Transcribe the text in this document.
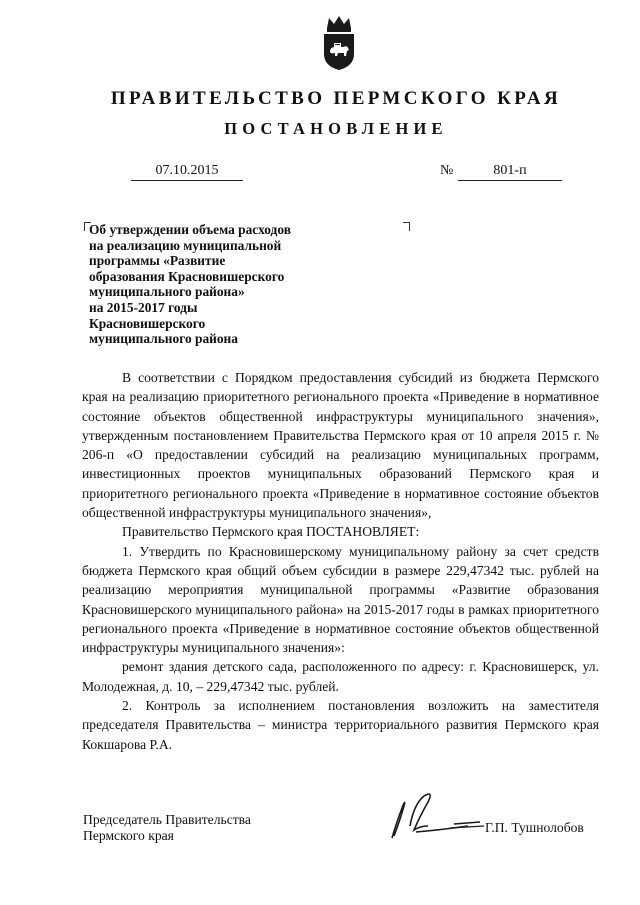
ПРАВИТЕЛЬСТВО ПЕРМСКОГО КРАЯ
ПОСТАНОВЛЕНИЕ
07.10.2015	№	801-п
Об утверждении объема расходов
на реализацию муниципальной
программы «Развитие
образования Красновишерского
муниципального района»
на 2015-2017 годы
Красновишерского
муниципального района

В соответствии с Порядком предоставления субсидий из бюджета Пермского края на реализацию приоритетного регионального проекта «Приведение в нормативное состояние объектов общественной инфраструктуры муниципального значения», утвержденным постановлением Правительства Пермского края от 10 апреля 2015 г. № 206-п «О предоставлении субсидий на реализацию муниципальных программ, инвестиционных проектов муниципальных образований Пермского края и приоритетного регионального проекта «Приведение в нормативное состояние объектов общественной инфраструктуры муниципального значения»,

Правительство Пермского края ПОСТАНОВЛЯЕТ:

1. Утвердить по Красновишерскому муниципальному району за счет средств бюджета Пермского края общий объем субсидии в размере 229,47342 тыс. рублей на реализацию мероприятия муниципальной программы «Развитие образования Красновишерского муниципального района» на 2015-2017 годы в рамках приоритетного регионального проекта «Приведение в нормативное состояние объектов общественной инфраструктуры муниципального значения»:

ремонт здания детского сада, расположенного по адресу: г. Красновишерск, ул. Молодежная, д. 10, – 229,47342 тыс. рублей.

2. Контроль за исполнением постановления возложить на заместителя председателя Правительства – министра территориального развития Пермского края Кокшарова Р.А.

Председатель Правительства
Пермского края
Г.П. Тушнолобов
